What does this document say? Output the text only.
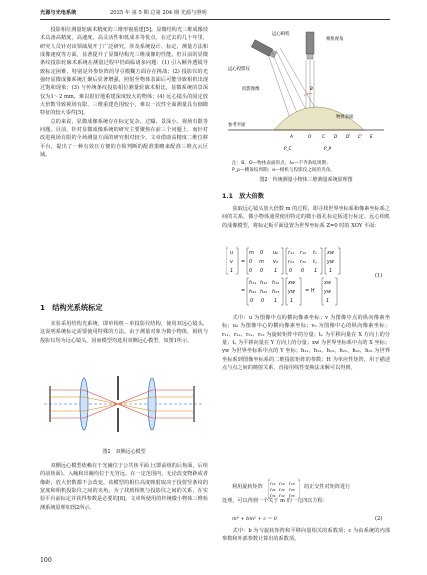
光源与光电系统	2025 年 第 5 期 总第 204 期 光源与照明

投影相位测量轮廓术精度的三维形貌重建[5]。显微结构光三维成像技术具备高精度、高速度、高灵活性和低成本等优点。在过去的几十年里，研究人员针对该领域展开了广泛研究，涉及系统设计、标定、测量方法和成像速度等方面，显著提升了显微结构光三维成像的性能。但目前的显微条纹投影轮廓术系统在测量过程中仍面临诸多问题：(1) 引入额外透镜导致标定困难，特别是外参矩阵的导引模糊方面存在挑战；(2) 投影仪的光强经显微成像系统汇聚后显著增强，照射至物体表面后可能导致相机出现过饱和现象；(3) 与传统条纹投影相位测量轮廓术相比，显微系统的景深仅为1～2 mm，难以很好地重建深度较大的物体；(4) 远心镜头的固定放大倍数导致视场有限，三维重建范围较小，难以一次性全面测量具有细微特征的较大零件[5]。

总的来说，显微成像系统存在标定复杂、过曝、景深小、视场有限等问题。目前，针对显微成像系统的研究主要聚焦在前三个问题上，而针对改进视场有限的全场测量方面的研究相对较少。文章借助高精度二维位移平台，提出了一种有效且方便的自相判断的配准策略来配准三维点云区域。

1　结构光系统标定

实验采用结构光系统，即单相机－单投影仪结构，使用双远心镜头，这说明系统标定需要使用特殊的方法。由于测量对象为微小物体，相机与投影仪均为远心镜头，因而模型均选用双侧远心模型，如图1所示。

图1　双侧远心模型

双侧远心模型依赖在于光阑位于公共焦平面上(即前组的后焦面，后组的前焦面)。入瞳和出瞳均位于无穷远。在一定范围内，无论改变物距或者像距，放大倍数都不会改变。该模型的相位高度映射取决于投射竖条纹的宽度和相机投影仪之间的夹角。为了找到相机与投影仪之间的关系，在实验平台前标定并获得参数是必要的[8]。文章所使用的传统微小物体三维检测系统原理如图2所示。

100
远心相机
远心投影仪
相机视角
投影图像
参考平面
物体表面
O
B
A	C D D' C' E
P_C	P_P
注：B、O—物体表面的点；λ₀—不齐条纹周期；
P_p—横条纹周期；α—相机与投影仪之间的夹角。
图2　传统测量小物体三维测量系统原理图
1.1　放大倍数

获取远心镜头放大倍数 m 的过程，即寻找世界坐标系和像素坐标系之间的关系，微小物体通常使用特定的微小圆孔标定板进行标定。远心相机的成像模型，将标定板平面设置为世界坐标系 Z=0 时的 XOY 平面：

u
v
1
=
m 0 u₀
0 m v₀
0 0 1
r₁₁ r₁₂ tₓ
r₂₁ r₂₂ tᵧ
0 0 1
xw
yw
1
=
h₁₁ h₁₂ h₁₃
h₂₁ h₂₂ h₂₃
0 0 1
xw
yw
1
= H
xw
yw
1
(1)

式中：u 为图像中点的横向像素坐标；v 为图像中点的纵向像素坐标；u₀ 为图像中心的横向像素坐标；v₀ 为图像中心的纵向像素坐标；r₁₁、r₁₂、r₂₁、r₂₂ 为旋转矩阵中的分量；tₓ 为平移向量在 X 方向上的分量；tᵧ 为平移向量在 Y 方向上的分量；xw 为世界坐标系中点的 X 坐标；yw 为世界坐标系中点的 Y 坐标；h₁₁、h₁₂、h₁₃、h₂₁、h₂₂、h₂₃ 为世界坐标系到图像坐标系的二维投影矩阵的参数；H 为单应性矩阵，用于描述点与点之间的映射关系，直接用线性变换法求解可以得到。

利用旋转矩阵 r₁₁ r₁₂ r₁₃
r₂₁ r₂₂ r₂₃
r₃₁ r₃₂ r₃₃
的正交性对矩阵进行

处理，可以得到一个关于 m 的一元四次方程：

m⁴ + bm² + c = 0	(2)

式中：b 为与旋转矩阵和平移向量相关的系数项；c 为由系统的内部参数和外部参数计算出的系数项。
